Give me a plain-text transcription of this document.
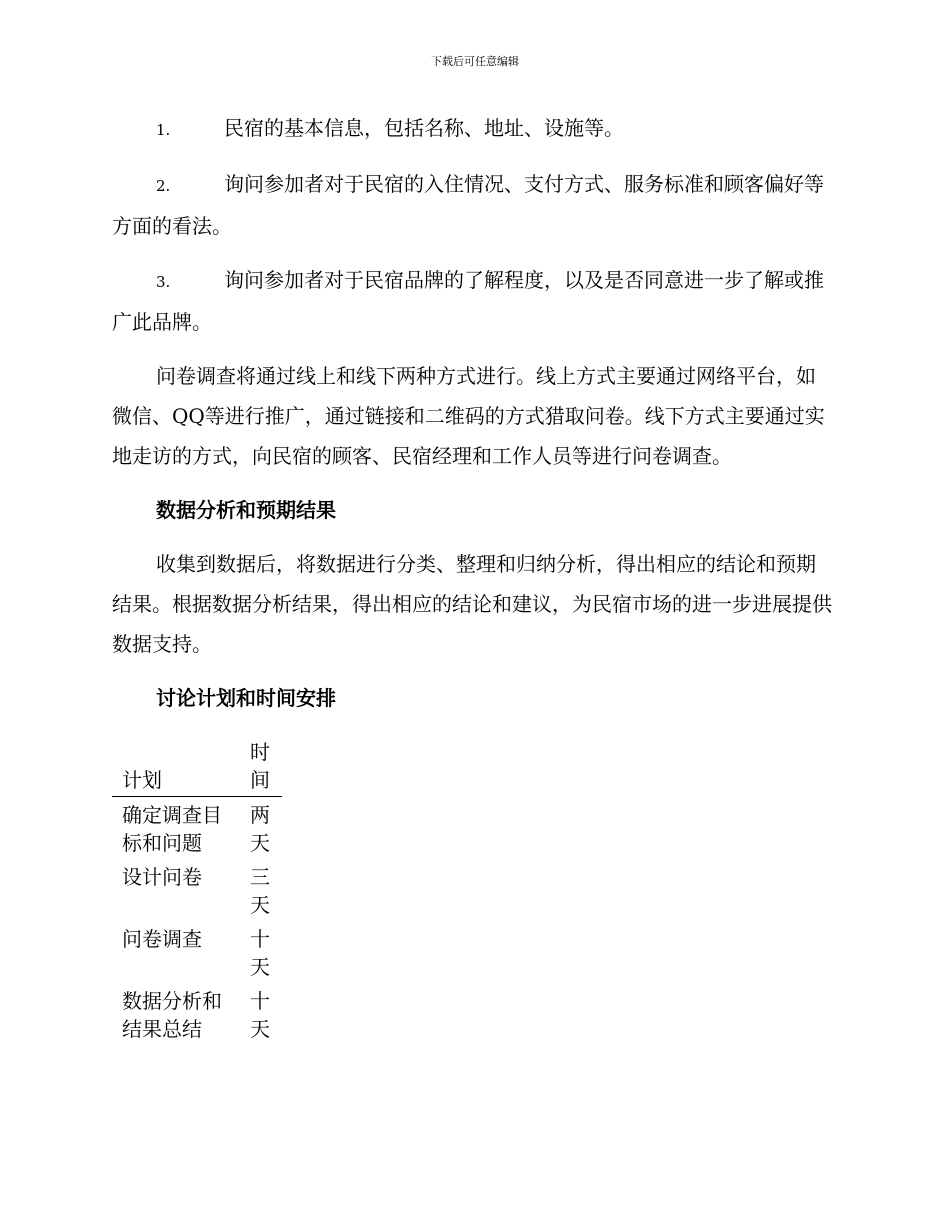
下载后可任意编辑

1.	民宿的基本信息，包括名称、地址、设施等。

2.	询问参加者对于民宿的入住情况、支付方式、服务标准和顾客偏好等方面的看法。

3.	询问参加者对于民宿品牌的了解程度，以及是否同意进一步了解或推广此品牌。

问卷调查将通过线上和线下两种方式进行。线上方式主要通过网络平台，如微信、QQ等进行推广，通过链接和二维码的方式猎取问卷。线下方式主要通过实地走访的方式，向民宿的顾客、民宿经理和工作人员等进行问卷调查。

数据分析和预期结果

收集到数据后，将数据进行分类、整理和归纳分析，得出相应的结论和预期结果。根据数据分析结果，得出相应的结论和建议，为民宿市场的进一步进展提供数据支持。

讨论计划和时间安排

计划	时间
确定调查目标和问题	两天
设计问卷	三天
问卷调查	十天
数据分析和结果总结	十天
